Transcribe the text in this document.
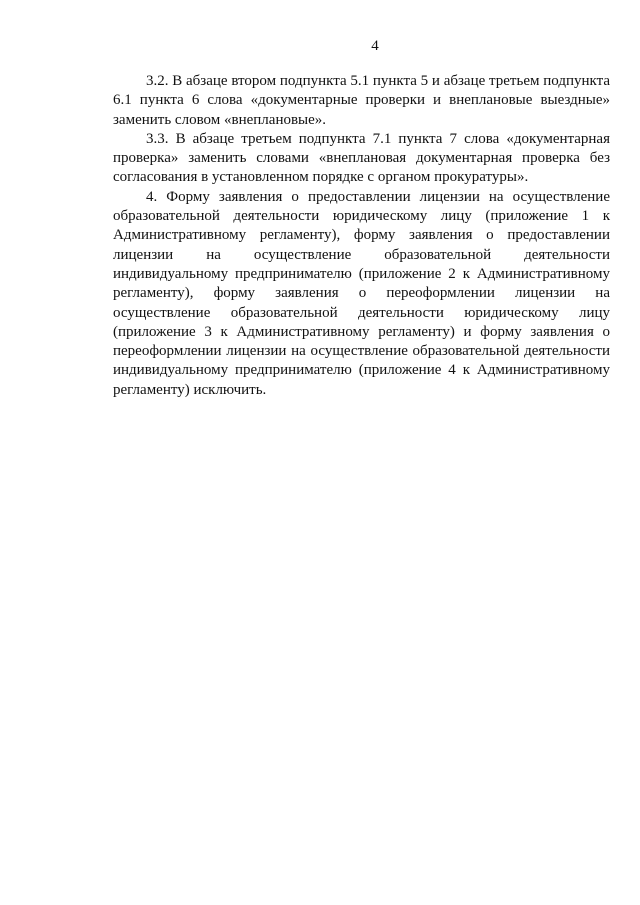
4

3.2. В абзаце втором подпункта 5.1 пункта 5 и абзаце третьем подпункта 6.1 пункта 6 слова «документарные проверки и внеплановые выездные» заменить словом «внеплановые».

3.3. В абзаце третьем подпункта 7.1 пункта 7 слова «документарная проверка» заменить словами «внеплановая документарная проверка без согласования в установленном порядке с органом прокуратуры».

4. Форму заявления о предоставлении лицензии на осуществление образовательной деятельности юридическому лицу (приложение 1 к Административному регламенту), форму заявления о предоставлении лицензии на осуществление образовательной деятельности индивидуальному предпринимателю (приложение 2 к Административному регламенту), форму заявления о переоформлении лицензии на осуществление образовательной деятельности юридическому лицу (приложение 3 к Административному регламенту) и форму заявления о переоформлении лицензии на осуществление образовательной деятельности индивидуальному предпринимателю (приложение 4 к Административному регламенту) исключить.
